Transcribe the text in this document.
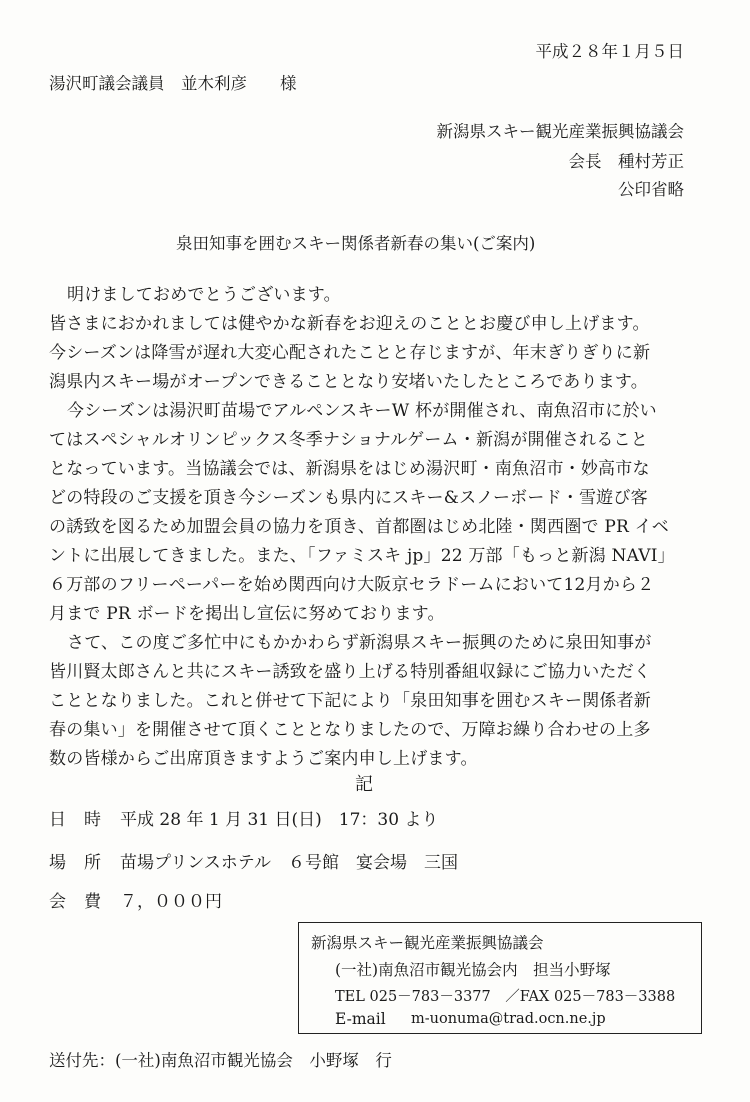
平成２８年１月５日
湯沢町議会議員　並木利彦　　様
新潟県スキー観光産業振興協議会
会長　種村芳正
公印省略
泉田知事を囲むスキー関係者新春の集い(ご案内)
明けましておめでとうございます。
皆さまにおかれましては健やかな新春をお迎えのこととお慶び申し上げます。
今シーズンは降雪が遅れ大変心配されたことと存じますが、年末ぎりぎりに新
潟県内スキー場がオープンできることとなり安堵いたしたところであります。
今シーズンは湯沢町苗場でアルペンスキーW 杯が開催され、南魚沼市に於い
てはスペシャルオリンピックス冬季ナショナルゲーム・新潟が開催されること
となっています。当協議会では、新潟県をはじめ湯沢町・南魚沼市・妙高市な
どの特段のご支援を頂き今シーズンも県内にスキー&スノーボード・雪遊び客
の誘致を図るため加盟会員の協力を頂き、首都圏はじめ北陸・関西圏で PR イベ
ントに出展してきました。また、「ファミスキ jp」22 万部「もっと新潟 NAVI」
６万部のフリーペーパーを始め関西向け大阪京セラドームにおいて12月から２
月まで PR ボードを掲出し宣伝に努めております。
さて、この度ご多忙中にもかかわらず新潟県スキー振興のために泉田知事が
皆川賢太郎さんと共にスキー誘致を盛り上げる特別番組収録にご協力いただく
こととなりました。これと併せて下記により「泉田知事を囲むスキー関係者新
春の集い」を開催させて頂くこととなりましたので、万障お繰り合わせの上多
数の皆様からご出席頂きますようご案内申し上げます。
記
日時 平成 28 年 1 月 31 日(日)　17：30 より
場所 苗場プリンスホテル　６号館　宴会場　三国
会費 ７，０００円
新潟県スキー観光産業振興協議会
(一社)南魚沼市観光協会内　担当小野塚
TEL 025－783－3377　／FAX 025－783－3388
E-mail m-uonuma@trad.ocn.ne.jp
送付先：(一社)南魚沼市観光協会　小野塚　行
